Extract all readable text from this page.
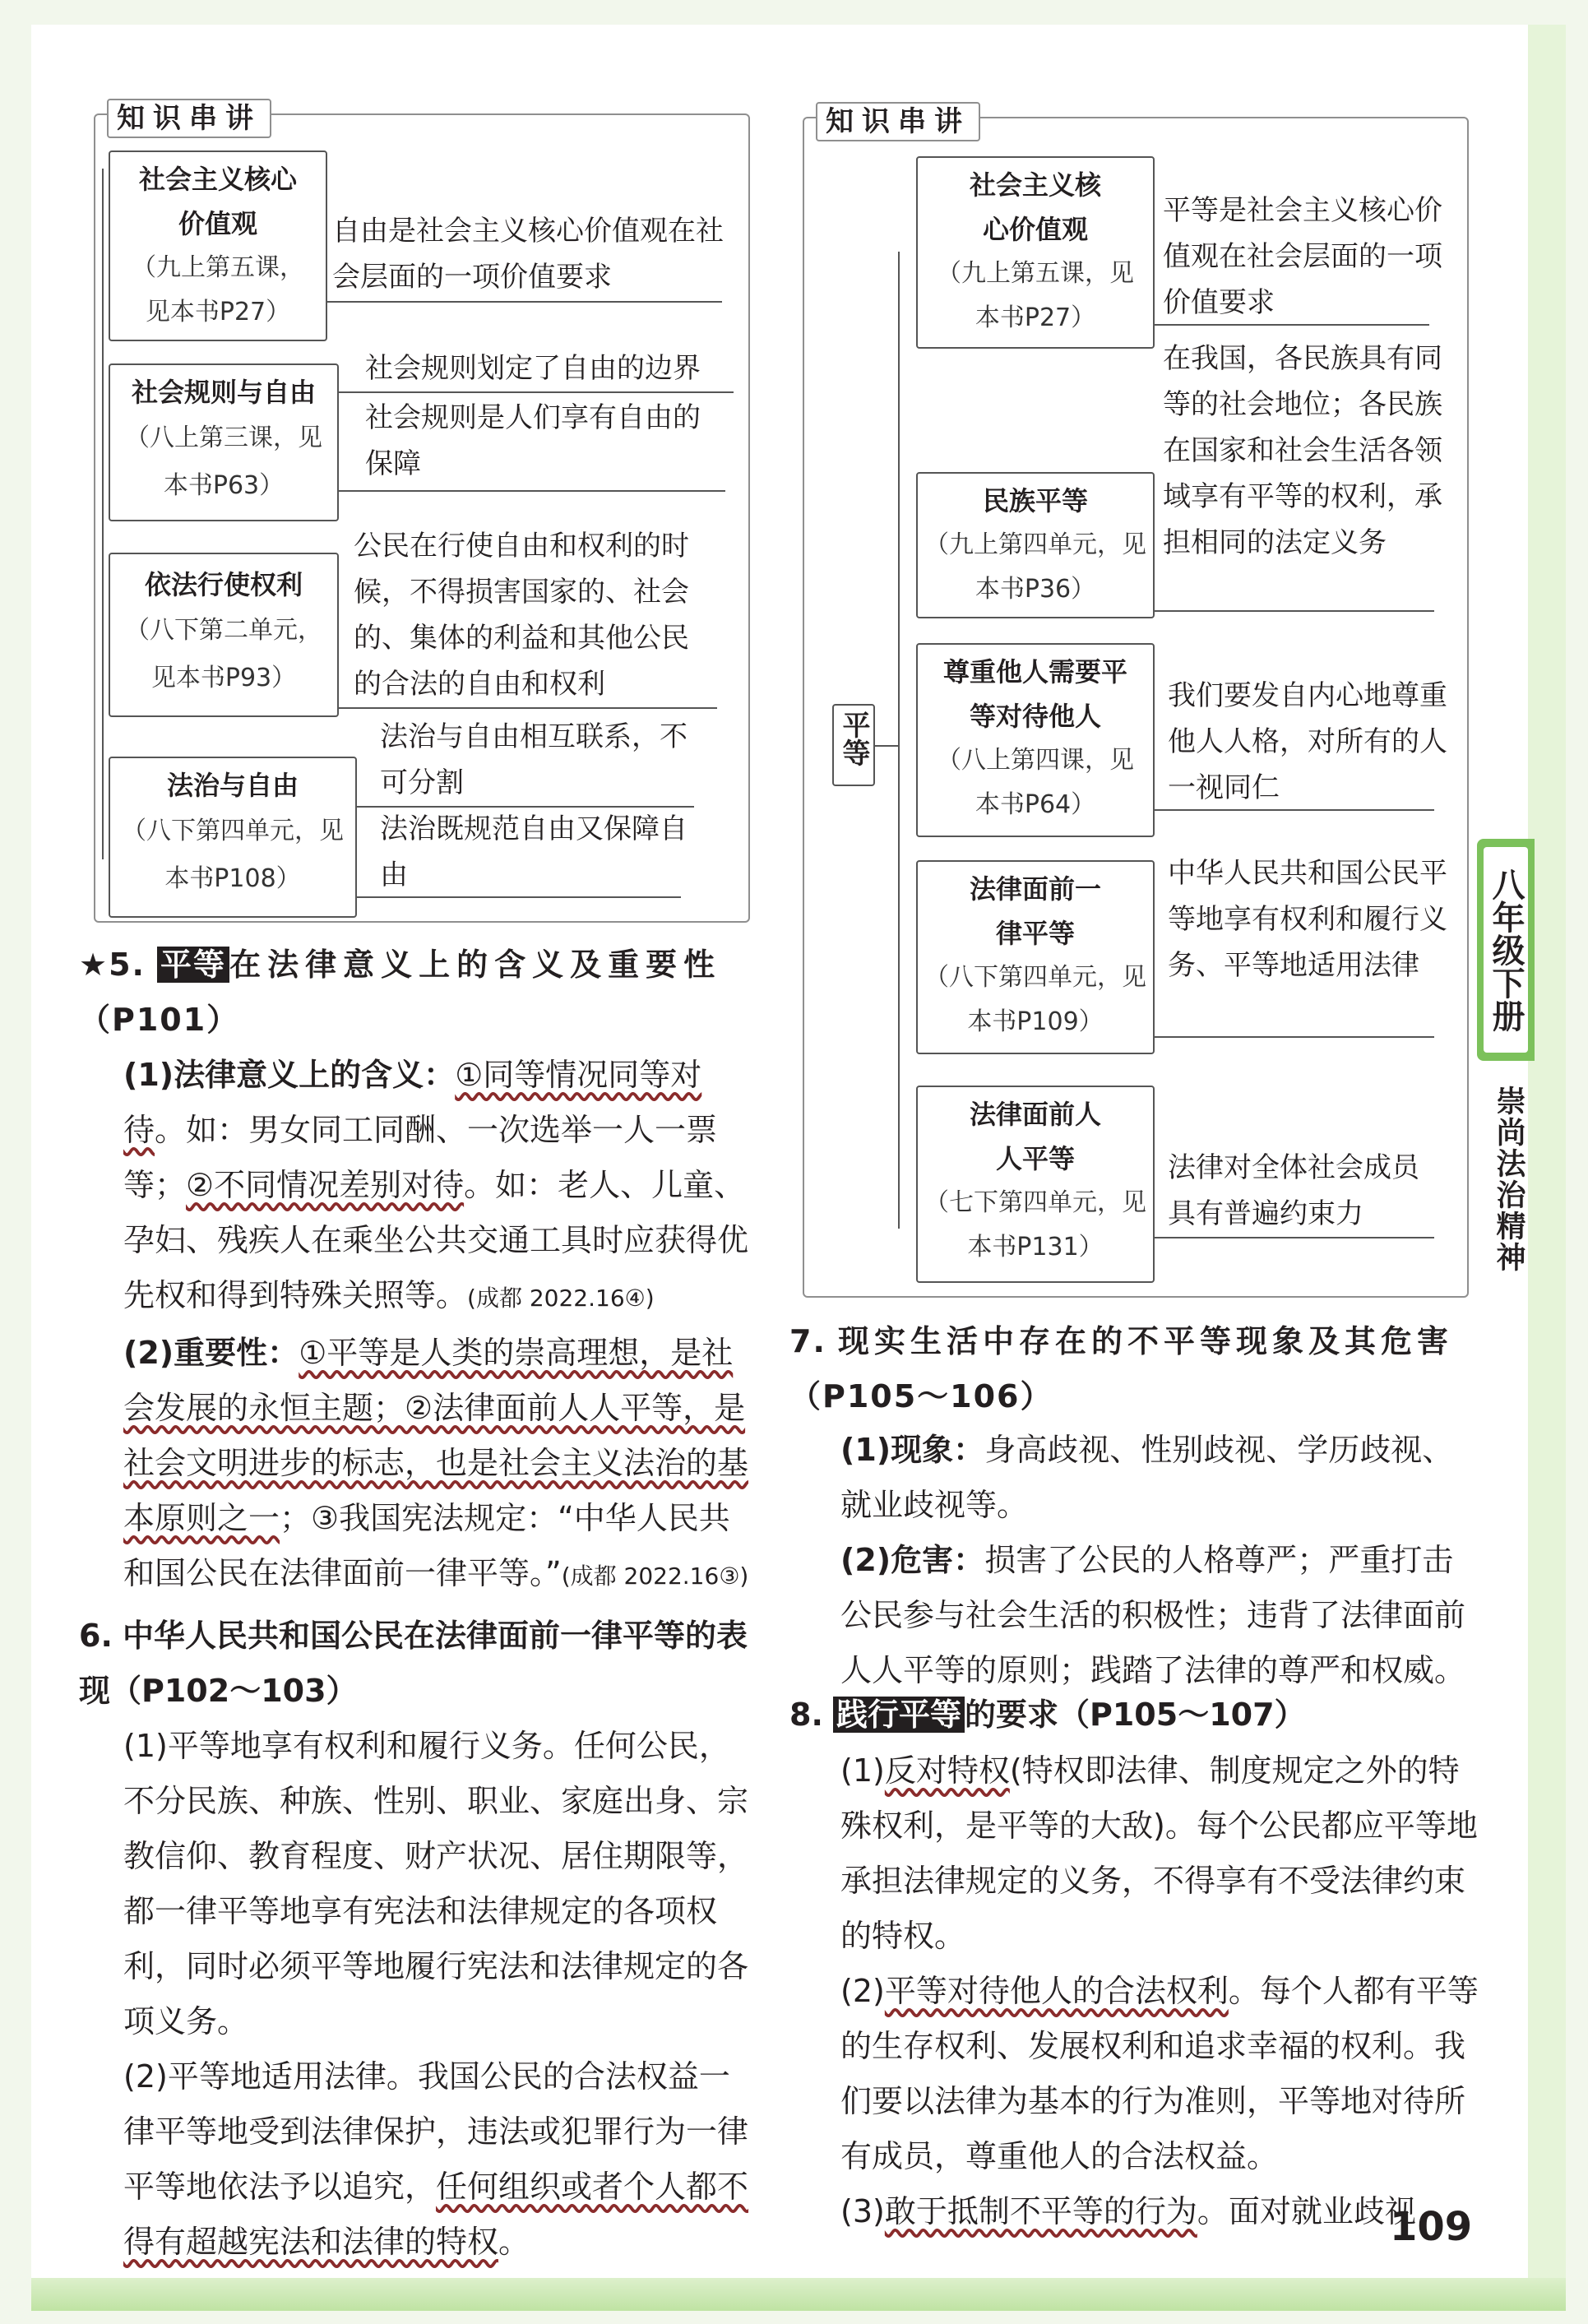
知识串讲
社会主义核心价值观
（九上第五课，见本书P27）
自由是社会主义核心价值观在社会层面的一项价值要求
社会规则与自由
（八上第三课，见本书P63）
社会规则划定了自由的边界
社会规则是人们享有自由的保障
依法行使权利
（八下第二单元，见本书P93）
公民在行使自由和权利的时候，不得损害国家的、社会的、集体的利益和其他公民的合法的自由和权利
法治与自由
（八下第四单元，见本书P108）
法治与自由相互联系，不可分割
法治既规范自由又保障自由
知识串讲
平等
社会主义核心价值观
（九上第五课，见本书P27）
平等是社会主义核心价值观在社会层面的一项价值要求
民族平等
（九上第四单元，见本书P36）
在我国，各民族具有同等的社会地位；各民族在国家和社会生活各领域享有平等的权利，承担相同的法定义务
尊重他人需要平等对待他人
（八上第四课，见本书P64）
我们要发自内心地尊重他人人格，对所有的人一视同仁
法律面前一律平等
（八下第四单元，见本书P109）
中华人民共和国公民平等地享有权利和履行义务、平等地适用法律
法律面前人人平等
（七下第四单元，见本书P131）
法律对全体社会成员具有普遍约束力
★5. 平等 在法律意义上的含义及重要性 （P101）
(1)法律意义上的含义：①同等情况同等对待。如：男女同工同酬、一次选举一人一票等；②不同情况差别对待。如：老人、儿童、孕妇、残疾人在乘坐公共交通工具时应获得优先权和得到特殊关照等。(成都 2022.16④)
(2)重要性：①平等是人类的崇高理想，是社会发展的永恒主题；②法律面前人人平等，是社会文明进步的标志，也是社会主义法治的基本原则之一；③我国宪法规定：“中华人民共和国公民在法律面前一律平等。”(成都 2022.16③)
6. 中华人民共和国公民在法律面前一律平等的表现（P102～103）
(1)平等地享有权利和履行义务。任何公民，不分民族、种族、性别、职业、家庭出身、宗教信仰、教育程度、财产状况、居住期限等，都一律平等地享有宪法和法律规定的各项权利，同时必须平等地履行宪法和法律规定的各项义务。
(2)平等地适用法律。我国公民的合法权益一律平等地受到法律保护，违法或犯罪行为一律平等地依法予以追究，任何组织或者个人都不得有超越宪法和法律的特权。
7. 现实生活中存在的不平等现象及其危害 （P105～106）
(1)现象：身高歧视、性别歧视、学历歧视、就业歧视等。
(2)危害：损害了公民的人格尊严；严重打击公民参与社会生活的积极性；违背了法律面前人人平等的原则；践踏了法律的尊严和权威。
8. 践行平等 的要求（P105～107）
(1)反对特权(特权即法律、制度规定之外的特殊权利，是平等的大敌)。每个公民都应平等地承担法律规定的义务，不得享有不受法律约束的特权。
(2)平等对待他人的合法权利。每个人都有平等的生存权利、发展权利和追求幸福的权利。我们要以法律为基本的行为准则，平等地对待所有成员，尊重他人的合法权益。
(3)敢于抵制不平等的行为。面对就业歧视
八年级下册
崇尚法治精神
109
